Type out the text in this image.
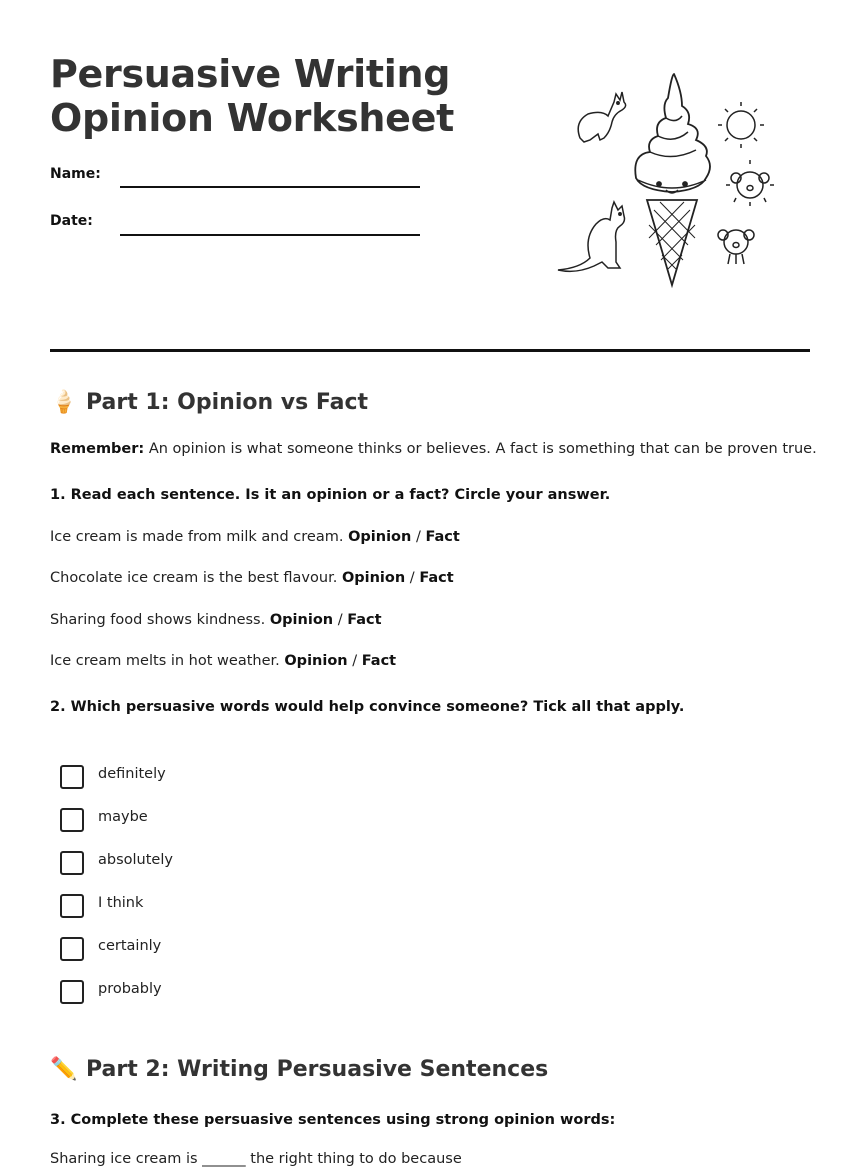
Persuasive Writing
Opinion Worksheet
Name:
Date:
🍦 Part 1: Opinion vs Fact
Remember: An opinion is what someone thinks or believes. A fact is something that can be proven true.
1. Read each sentence. Is it an opinion or a fact? Circle your answer.
Ice cream is made from milk and cream. Opinion / Fact
Chocolate ice cream is the best flavour. Opinion / Fact
Sharing food shows kindness. Opinion / Fact
Ice cream melts in hot weather. Opinion / Fact
2. Which persuasive words would help convince someone? Tick all that apply.
definitely
maybe
absolutely
I think
certainly
probably
✏️ Part 2: Writing Persuasive Sentences
3. Complete these persuasive sentences using strong opinion words:
Sharing ice cream is ______ the right thing to do because
